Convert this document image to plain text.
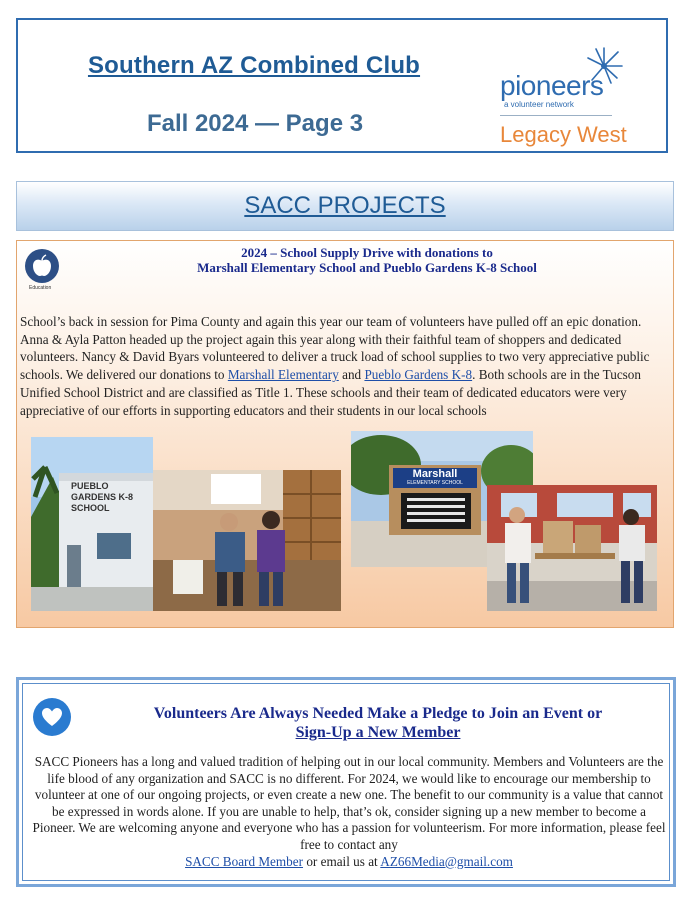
Southern AZ Combined Club
Fall 2024 — Page 3
pioneers
a volunteer network
Legacy West
SACC PROJECTS
Education
2024 – School Supply Drive with donations to
Marshall Elementary School and Pueblo Gardens K-8 School
School’s back in session for Pima County and again this year our team of volunteers have pulled off an epic donation. Anna & Ayla Patton headed up the project again this year along with their faithful team of shoppers and dedicated volunteers. Nancy & David Byars volunteered to deliver a truck load of school supplies to two very appreciative public schools. We delivered our donations to Marshall Elementary and Pueblo Gardens K-8. Both schools are in the Tucson Unified School District and are classified as Title 1. These schools and their team of dedicated educators were very appreciative of our efforts in supporting educators and their students in our local schools
PUEBLO GARDENS K-8 SCHOOL
Marshall
ELEMENTARY SCHOOL
Volunteers Are Always Needed Make a Pledge to Join an Event or
Sign-Up a New Member
SACC Pioneers has a long and valued tradition of helping out in our local community. Members and Volunteers are the life blood of any organization and SACC is no different. For 2024, we would like to encourage our membership to volunteer at one of our ongoing projects, or even create a new one. The benefit to our community is a value that cannot be expressed in words alone. If you are unable to help, that’s ok, consider signing up a new member to become a Pioneer. We are welcoming anyone and everyone who has a passion for volunteerism. For more information, please feel free to contact any
SACC Board Member or email us at AZ66Media@gmail.com
